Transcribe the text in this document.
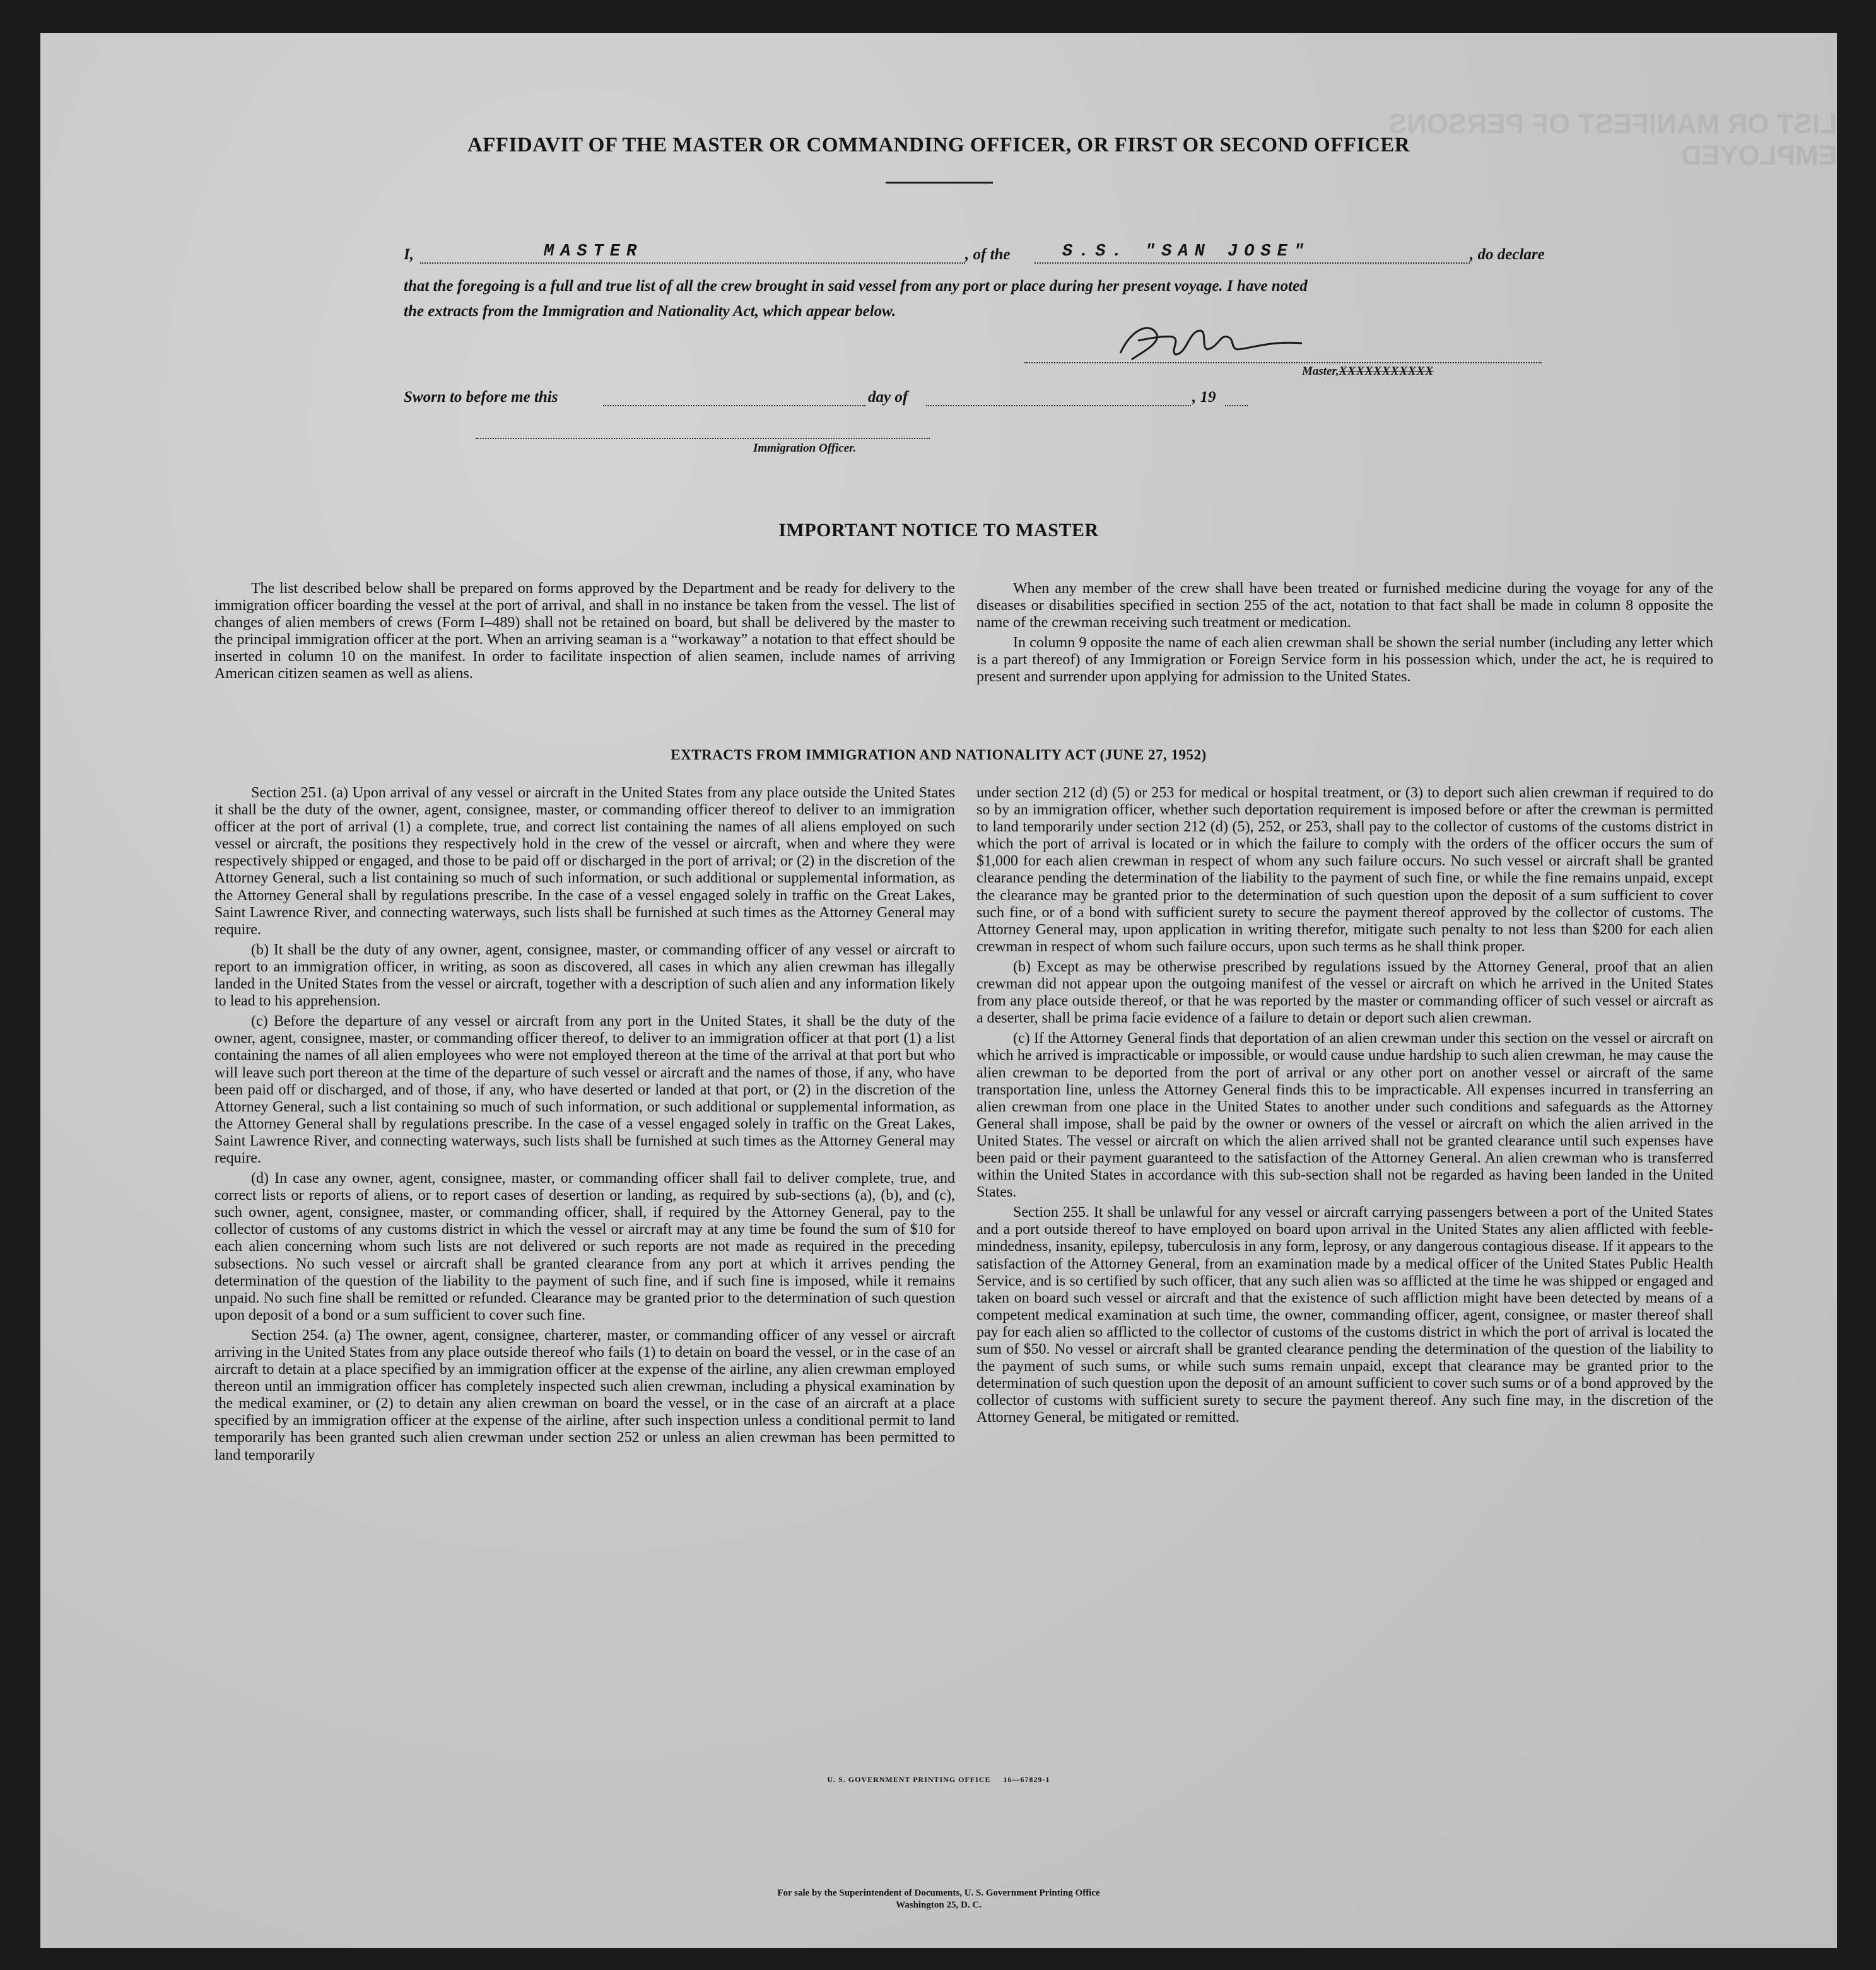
LIST OR MANIFEST OF PERSONS EMPLOYED
AFFIDAVIT OF THE MASTER OR COMMANDING OFFICER, OR FIRST OR SECOND OFFICER
I,	MASTER	, of the	S.S. "SAN JOSE"	, do declare
that the foregoing is a full and true list of all the crew brought in said vessel from any port or place during her present voyage. I have noted
the extracts from the Immigration and Nationality Act, which appear below.
Master,XXXXXXXXXXX
Sworn to before me this	day of	, 19
Immigration Officer.
IMPORTANT NOTICE TO MASTER

The list described below shall be prepared on forms approved by the Department and be ready for delivery to the immigration officer boarding the vessel at the port of arrival, and shall in no instance be taken from the vessel. The list of changes of alien members of crews (Form I–489) shall not be retained on board, but shall be delivered by the master to the principal immigration officer at the port. When an arriving seaman is a “workaway” a notation to that effect should be inserted in column 10 on the manifest. In order to facilitate inspection of alien seamen, include names of arriving American citizen seamen as well as aliens.

When any member of the crew shall have been treated or furnished medicine during the voyage for any of the diseases or disabilities specified in section 255 of the act, notation to that fact shall be made in column 8 opposite the name of the crewman receiving such treatment or medication.

In column 9 opposite the name of each alien crewman shall be shown the serial number (including any letter which is a part thereof) of any Immigration or Foreign Service form in his possession which, under the act, he is required to present and surrender upon applying for admission to the United States.

EXTRACTS FROM IMMIGRATION AND NATIONALITY ACT (JUNE 27, 1952)

Section 251. (a) Upon arrival of any vessel or aircraft in the United States from any place outside the United States it shall be the duty of the owner, agent, consignee, master, or commanding officer thereof to deliver to an immigration officer at the port of arrival (1) a complete, true, and correct list containing the names of all aliens employed on such vessel or aircraft, the positions they respectively hold in the crew of the vessel or aircraft, when and where they were respectively shipped or engaged, and those to be paid off or discharged in the port of arrival; or (2) in the discretion of the Attorney General, such a list containing so much of such information, or such additional or supplemental information, as the Attorney General shall by regulations prescribe. In the case of a vessel engaged solely in traffic on the Great Lakes, Saint Lawrence River, and connecting waterways, such lists shall be furnished at such times as the Attorney General may require.

(b) It shall be the duty of any owner, agent, consignee, master, or commanding officer of any vessel or aircraft to report to an immigration officer, in writing, as soon as discovered, all cases in which any alien crewman has illegally landed in the United States from the vessel or aircraft, together with a description of such alien and any information likely to lead to his apprehension.

(c) Before the departure of any vessel or aircraft from any port in the United States, it shall be the duty of the owner, agent, consignee, master, or commanding officer thereof, to deliver to an immigration officer at that port (1) a list containing the names of all alien employees who were not employed thereon at the time of the arrival at that port but who will leave such port thereon at the time of the departure of such vessel or aircraft and the names of those, if any, who have been paid off or discharged, and of those, if any, who have deserted or landed at that port, or (2) in the discretion of the Attorney General, such a list containing so much of such information, or such additional or supplemental information, as the Attorney General shall by regulations prescribe. In the case of a vessel engaged solely in traffic on the Great Lakes, Saint Lawrence River, and connecting waterways, such lists shall be furnished at such times as the Attorney General may require.

(d) In case any owner, agent, consignee, master, or commanding officer shall fail to deliver complete, true, and correct lists or reports of aliens, or to report cases of desertion or landing, as required by sub-sections (a), (b), and (c), such owner, agent, consignee, master, or commanding officer, shall, if required by the Attorney General, pay to the collector of customs of any customs district in which the vessel or aircraft may at any time be found the sum of $10 for each alien concerning whom such lists are not delivered or such reports are not made as required in the preceding subsections. No such vessel or aircraft shall be granted clearance from any port at which it arrives pending the determination of the question of the liability to the payment of such fine, and if such fine is imposed, while it remains unpaid. No such fine shall be remitted or refunded. Clearance may be granted prior to the determination of such question upon deposit of a bond or a sum sufficient to cover such fine.

Section 254. (a) The owner, agent, consignee, charterer, master, or commanding officer of any vessel or aircraft arriving in the United States from any place outside thereof who fails (1) to detain on board the vessel, or in the case of an aircraft to detain at a place specified by an immigration officer at the expense of the airline, any alien crewman employed thereon until an immigration officer has completely inspected such alien crewman, including a physical examination by the medical examiner, or (2) to detain any alien crewman on board the vessel, or in the case of an aircraft at a place specified by an immigration officer at the expense of the airline, after such inspection unless a conditional permit to land temporarily has been granted such alien crewman under section 252 or unless an alien crewman has been permitted to land temporarily

under section 212 (d) (5) or 253 for medical or hospital treatment, or (3) to deport such alien crewman if required to do so by an immigration officer, whether such deportation requirement is imposed before or after the crewman is permitted to land temporarily under section 212 (d) (5), 252, or 253, shall pay to the collector of customs of the customs district in which the port of arrival is located or in which the failure to comply with the orders of the officer occurs the sum of $1,000 for each alien crewman in respect of whom any such failure occurs. No such vessel or aircraft shall be granted clearance pending the determination of the liability to the payment of such fine, or while the fine remains unpaid, except the clearance may be granted prior to the determination of such question upon the deposit of a sum sufficient to cover such fine, or of a bond with sufficient surety to secure the payment thereof approved by the collector of customs. The Attorney General may, upon application in writing therefor, mitigate such penalty to not less than $200 for each alien crewman in respect of whom such failure occurs, upon such terms as he shall think proper.

(b) Except as may be otherwise prescribed by regulations issued by the Attorney General, proof that an alien crewman did not appear upon the outgoing manifest of the vessel or aircraft on which he arrived in the United States from any place outside thereof, or that he was reported by the master or commanding officer of such vessel or aircraft as a deserter, shall be prima facie evidence of a failure to detain or deport such alien crewman.

(c) If the Attorney General finds that deportation of an alien crewman under this section on the vessel or aircraft on which he arrived is impracticable or impossible, or would cause undue hardship to such alien crewman, he may cause the alien crewman to be deported from the port of arrival or any other port on another vessel or aircraft of the same transportation line, unless the Attorney General finds this to be impracticable. All expenses incurred in transferring an alien crewman from one place in the United States to another under such conditions and safeguards as the Attorney General shall impose, shall be paid by the owner or owners of the vessel or aircraft on which the alien arrived in the United States. The vessel or aircraft on which the alien arrived shall not be granted clearance until such expenses have been paid or their payment guaranteed to the satisfaction of the Attorney General. An alien crewman who is transferred within the United States in accordance with this sub-section shall not be regarded as having been landed in the United States.

Section 255. It shall be unlawful for any vessel or aircraft carrying passengers between a port of the United States and a port outside thereof to have employed on board upon arrival in the United States any alien afflicted with feeble-mindedness, insanity, epilepsy, tuberculosis in any form, leprosy, or any dangerous contagious disease. If it appears to the satisfaction of the Attorney General, from an examination made by a medical officer of the United States Public Health Service, and is so certified by such officer, that any such alien was so afflicted at the time he was shipped or engaged and taken on board such vessel or aircraft and that the existence of such affliction might have been detected by means of a competent medical examination at such time, the owner, commanding officer, agent, consignee, or master thereof shall pay for each alien so afflicted to the collector of customs of the customs district in which the port of arrival is located the sum of $50. No vessel or aircraft shall be granted clearance pending the determination of the question of the liability to the payment of such sums, or while such sums remain unpaid, except that clearance may be granted prior to the determination of such question upon the deposit of an amount sufficient to cover such sums or of a bond approved by the collector of customs with sufficient surety to secure the payment thereof. Any such fine may, in the discretion of the Attorney General, be mitigated or remitted.

U. S. GOVERNMENT PRINTING OFFICE     16—67829-1
For sale by the Superintendent of Documents, U. S. Government Printing Office
Washington 25, D. C.
